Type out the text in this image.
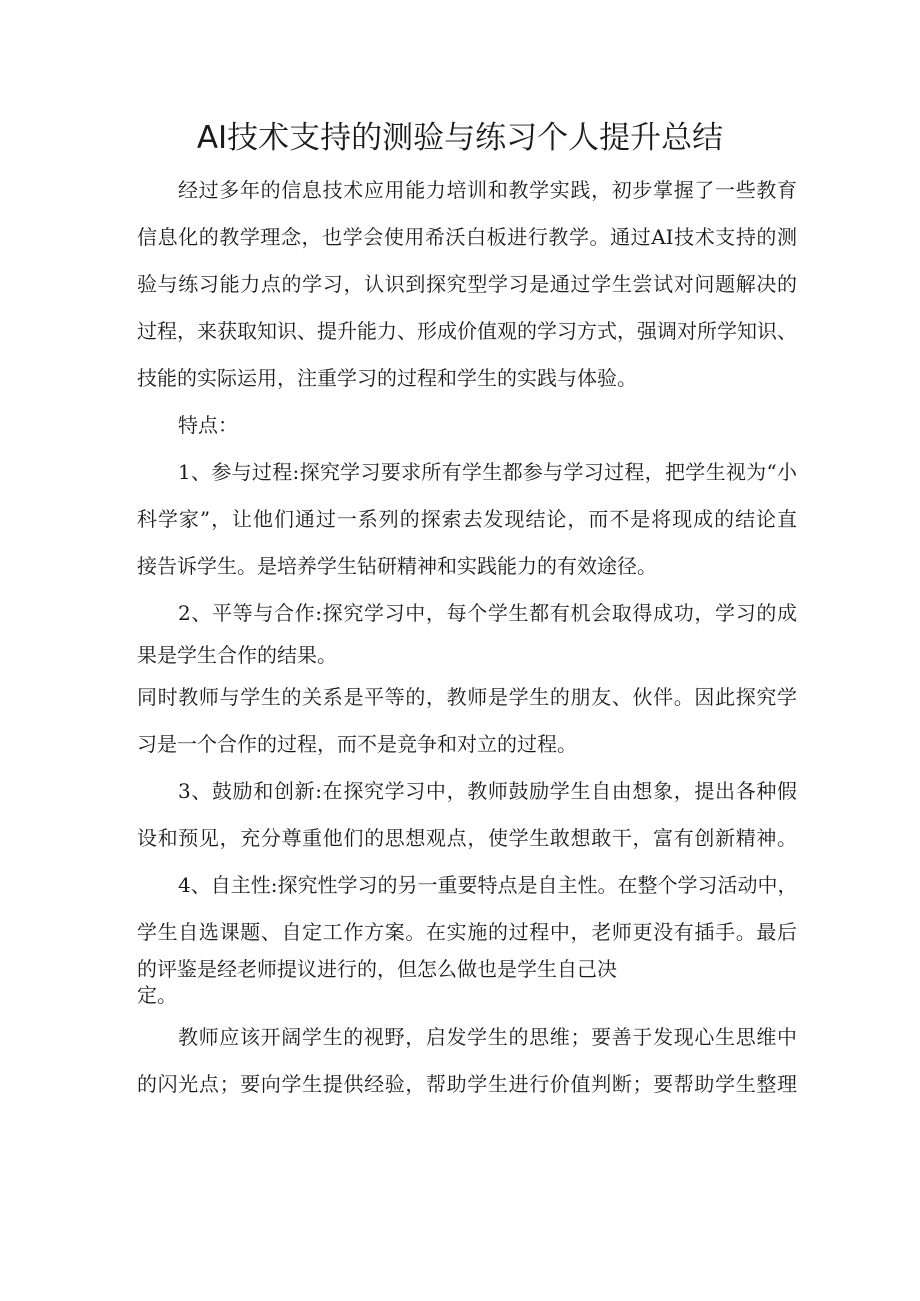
AI技术支持的测验与练习个人提升总结
经过多年的信息技术应用能力培训和教学实践，初步掌握了一些教育
信息化的教学理念，也学会使用希沃白板进行教学。通过AI技术支持的测
验与练习能力点的学习，认识到探究型学习是通过学生尝试对问题解决的
过程，来获取知识、提升能力、形成价值观的学习方式，强调对所学知识、
技能的实际运用，注重学习的过程和学生的实践与体验。
特点：
1、参与过程:探究学习要求所有学生都参与学习过程，把学生视为“小
科学家”，让他们通过一系列的探索去发现结论，而不是将现成的结论直
接告诉学生。是培养学生钻研精神和实践能力的有效途径。
2、平等与合作:探究学习中，每个学生都有机会取得成功，学习的成
果是学生合作的结果。
同时教师与学生的关系是平等的，教师是学生的朋友、伙伴。因此探究学
习是一个合作的过程，而不是竞争和对立的过程。
3、鼓励和创新:在探究学习中，教师鼓励学生自由想象，提出各种假
设和预见，充分尊重他们的思想观点，使学生敢想敢干，富有创新精神。
4、自主性:探究性学习的另一重要特点是自主性。在整个学习活动中，
学生自选课题、自定工作方案。在实施的过程中，老师更没有插手。最后
的评鉴是经老师提议进行的，但怎么做也是学生自己决
定。
教师应该开阔学生的视野，启发学生的思维；要善于发现心生思维中
的闪光点；要向学生提供经验，帮助学生进行价值判断；要帮助学生整理
